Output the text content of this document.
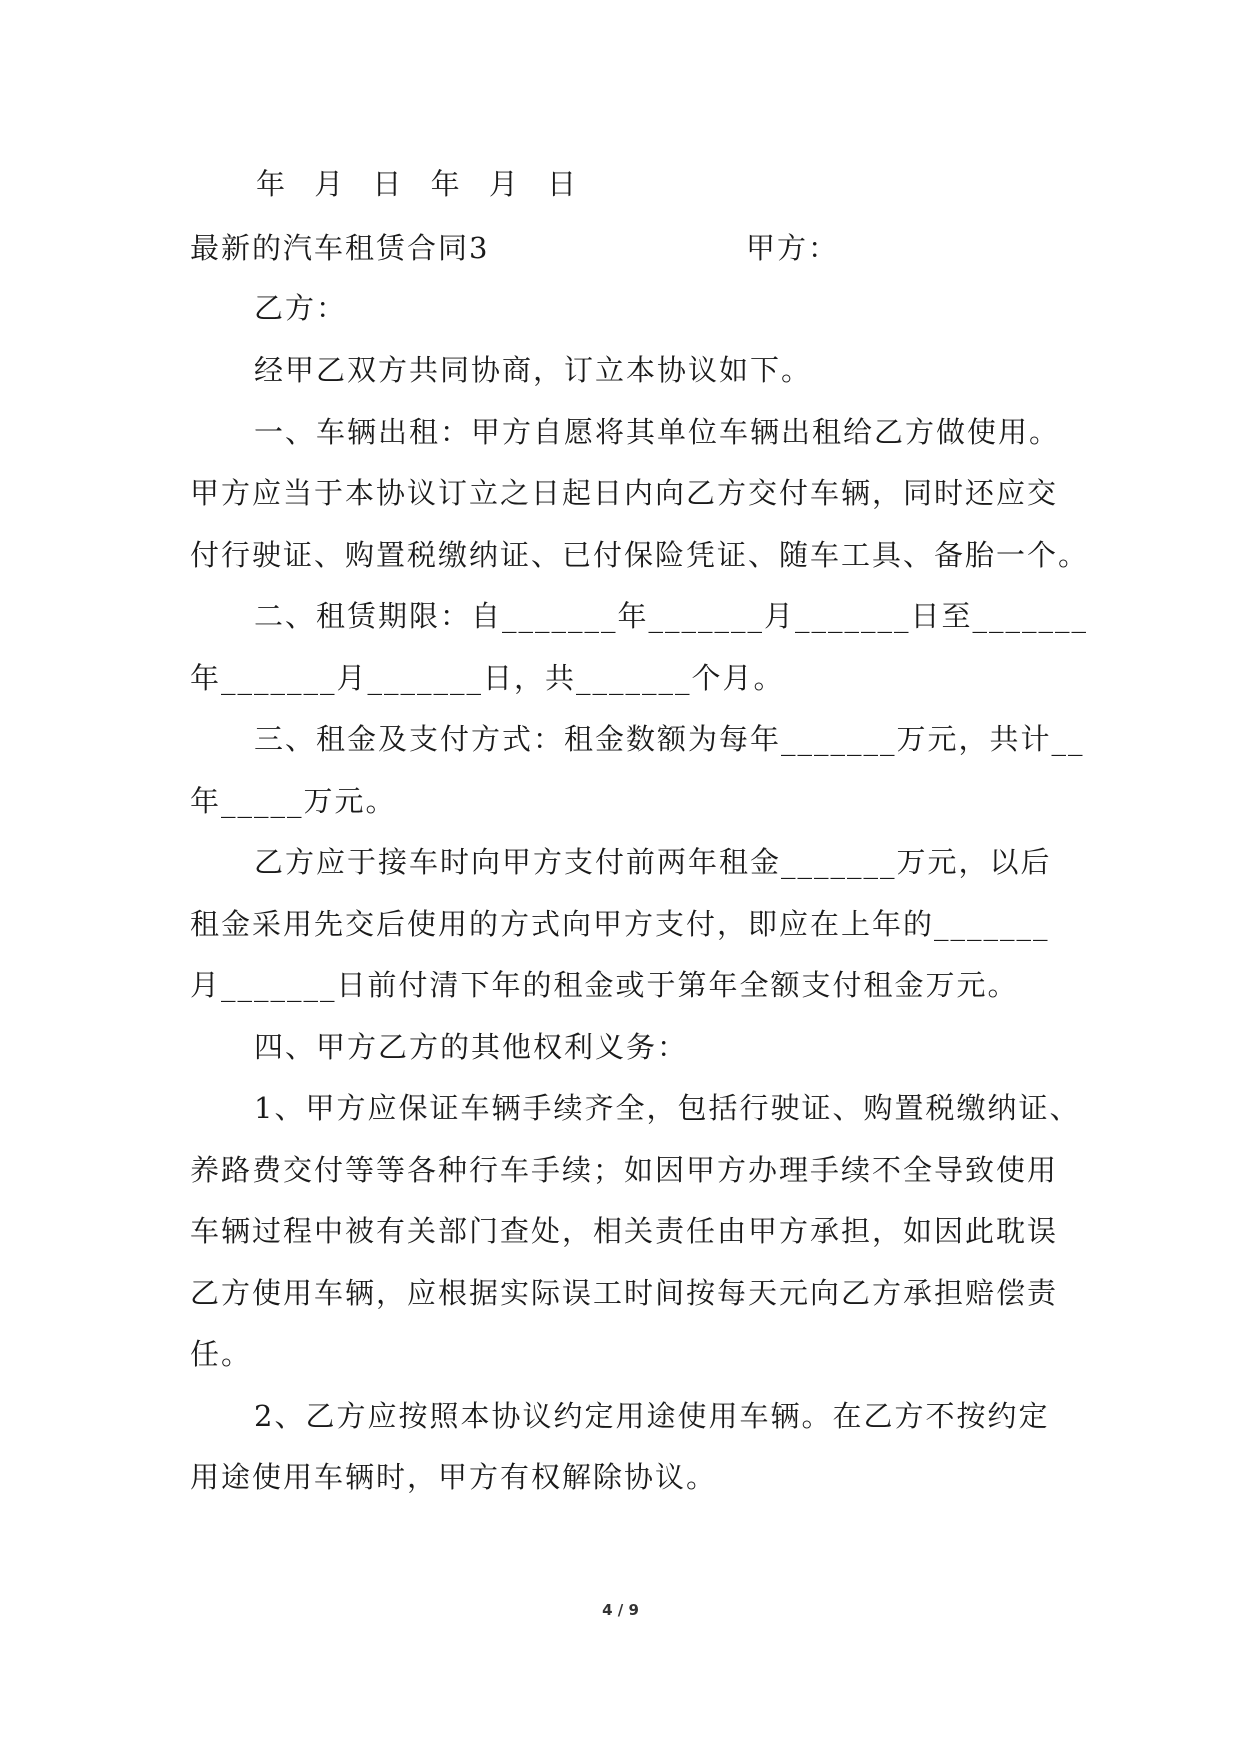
年 月 日 年 月 日
最新的汽车租赁合同3	甲方：
乙方：
经甲乙双方共同协商，订立本协议如下。
一、车辆出租：甲方自愿将其单位车辆出租给乙方做使用。
甲方应当于本协议订立之日起日内向乙方交付车辆，同时还应交
付行驶证、购置税缴纳证、已付保险凭证、随车工具、备胎一个。
二、租赁期限：自_______年_______月_______日至_______
年_______月_______日，共_______个月。
三、租金及支付方式：租金数额为每年_______万元，共计__
年_____万元。
乙方应于接车时向甲方支付前两年租金_______万元，以后
租金采用先交后使用的方式向甲方支付，即应在上年的_______
月_______日前付清下年的租金或于第年全额支付租金万元。
四、甲方乙方的其他权利义务：
1、甲方应保证车辆手续齐全，包括行驶证、购置税缴纳证、
养路费交付等等各种行车手续；如因甲方办理手续不全导致使用
车辆过程中被有关部门查处，相关责任由甲方承担，如因此耽误
乙方使用车辆，应根据实际误工时间按每天元向乙方承担赔偿责
任。
2、乙方应按照本协议约定用途使用车辆。在乙方不按约定
用途使用车辆时，甲方有权解除协议。
4 / 9
